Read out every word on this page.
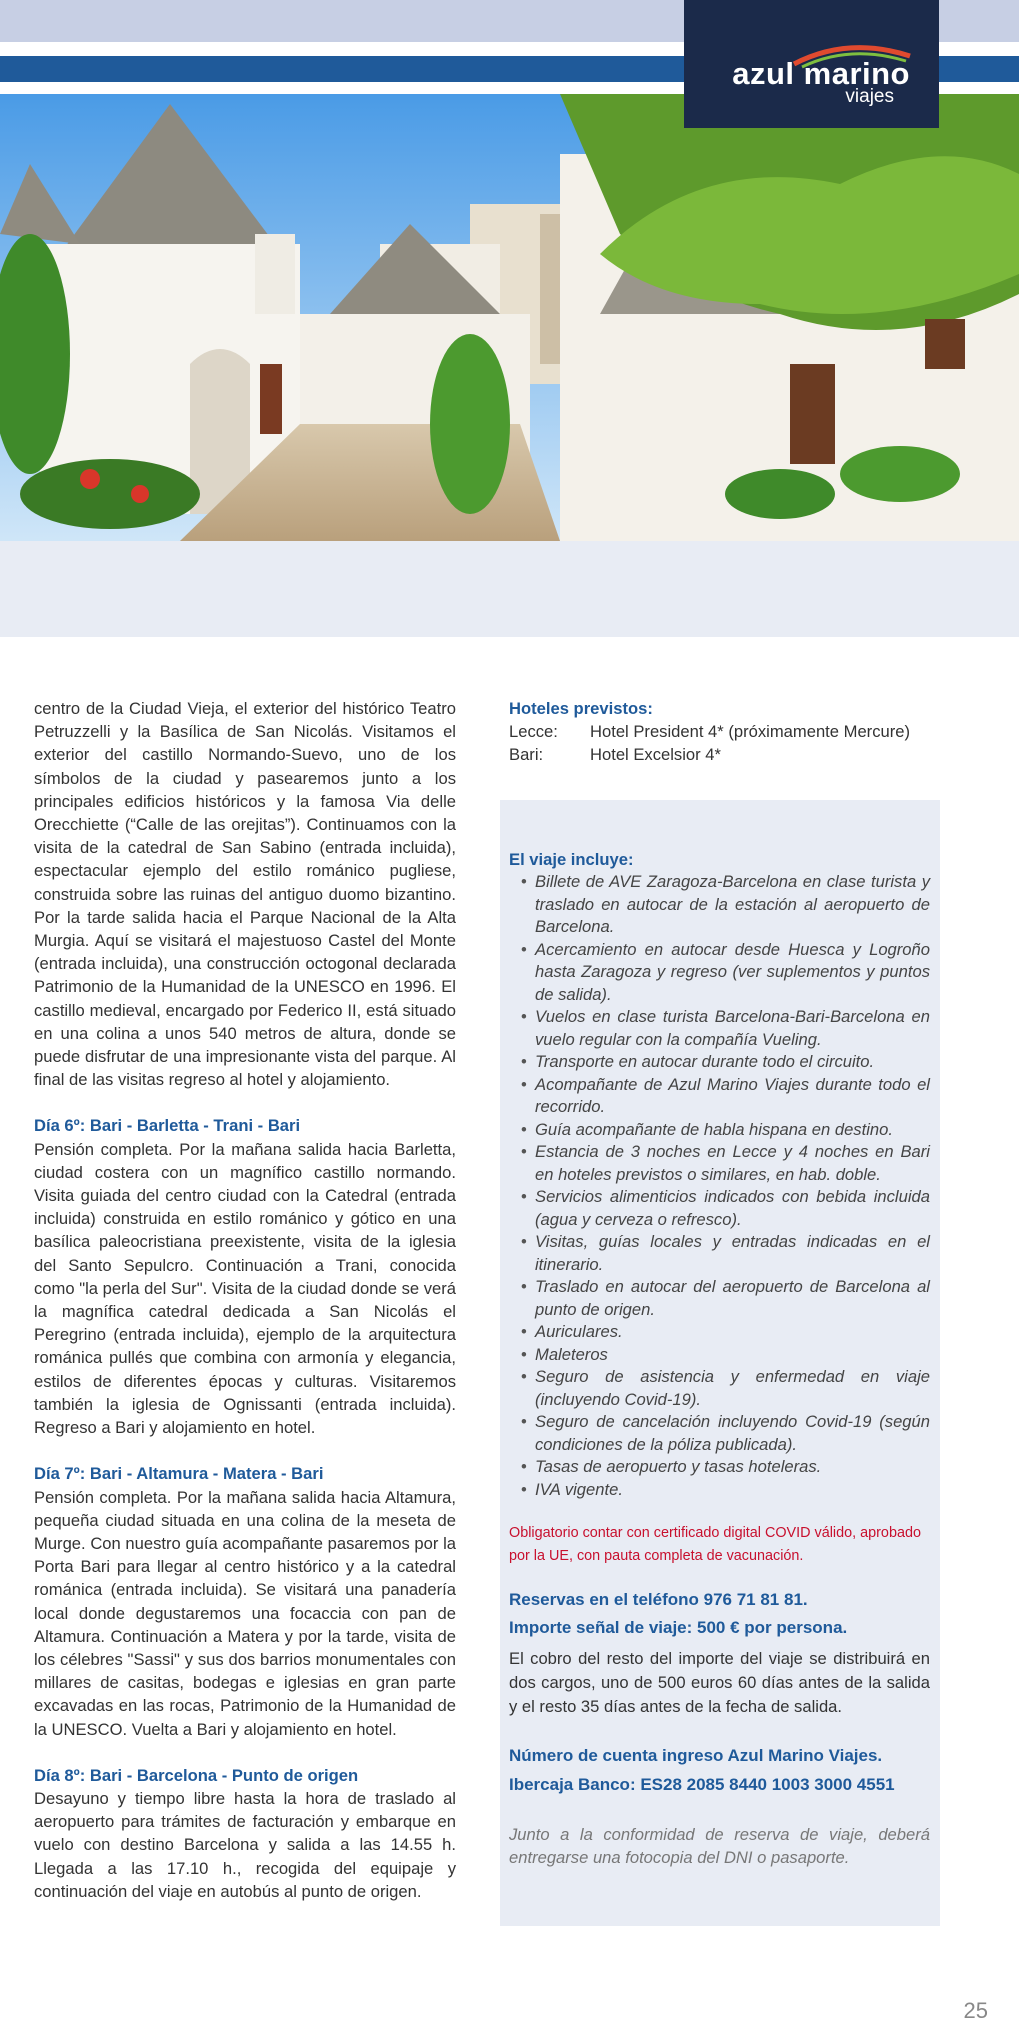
azul marino
viajes

centro de la Ciudad Vieja, el exterior del histórico Teatro Petruzzelli y la Basílica de San Nicolás. Visitamos el exterior del castillo Normando-Suevo, uno de los símbolos de la ciudad y pasearemos junto a los principales edificios históricos y la famosa Via delle Orecchiette (“Calle de las orejitas”). Continuamos con la visita de la catedral de San Sabino (entrada incluida), espectacular ejemplo del estilo románico pugliese, construida sobre las ruinas del antiguo duomo bizantino. Por la tarde salida hacia el Parque Nacional de la Alta Murgia. Aquí se visitará el majestuoso Castel del Monte (entrada incluida), una construcción octogonal declarada Patrimonio de la Humanidad de la UNESCO en 1996. El castillo medieval, encargado por Federico II, está situado en una colina a unos 540 metros de altura, donde se puede disfrutar de una impresionante vista del parque. Al final de las visitas regreso al hotel y alojamiento.

Día 6º: Bari - Barletta - Trani - Bari

Pensión completa. Por la mañana salida hacia Barletta, ciudad costera con un magnífico castillo normando. Visita guiada del centro ciudad con la Catedral (entrada incluida) construida en estilo románico y gótico en una basílica paleocristiana preexistente, visita de la iglesia del Santo Sepulcro. Continuación a Trani, conocida como "la perla del Sur". Visita de la ciudad donde se verá la magnífica catedral dedicada a San Nicolás el Peregrino (entrada incluida), ejemplo de la arquitectura románica pullés que combina con armonía y elegancia, estilos de diferentes épocas y culturas. Visitaremos también la iglesia de Ognissanti (entrada incluida). Regreso a Bari y alojamiento en hotel.

Día 7º: Bari - Altamura - Matera - Bari

Pensión completa. Por la mañana salida hacia Altamura, pequeña ciudad situada en una colina de la meseta de Murge. Con nuestro guía acompañante pasaremos por la Porta Bari para llegar al centro histórico y a la catedral románica (entrada incluida). Se visitará una panadería local donde degustaremos una focaccia con pan de Altamura. Continuación a Matera y por la tarde, visita de los célebres "Sassi" y sus dos barrios monumentales con millares de casitas, bodegas e iglesias en gran parte excavadas en las rocas, Patrimonio de la Humanidad de la UNESCO. Vuelta a Bari y alojamiento en hotel.

Día 8º: Bari - Barcelona - Punto de origen

Desayuno y tiempo libre hasta la hora de traslado al aeropuerto para trámites de facturación y embarque en vuelo con destino Barcelona y salida a las 14.55 h. Llegada a las 17.10 h., recogida del equipaje y continuación del viaje en autobús al punto de origen.

Hoteles previstos:
Lecce:	Hotel President 4* (próximamente Mercure)
Bari:	Hotel Excelsior 4*
El viaje incluye:
• Billete de AVE Zaragoza-Barcelona en clase turista y traslado en autocar de la estación al aeropuerto de Barcelona.
• Acercamiento en autocar desde Huesca y Logroño hasta Zaragoza y regreso (ver suplementos y puntos de salida).
• Vuelos en clase turista Barcelona-Bari-Barcelona en vuelo regular con la compañía Vueling.
• Transporte en autocar durante todo el circuito.
• Acompañante de Azul Marino Viajes durante todo el recorrido.
• Guía acompañante de habla hispana en destino.
• Estancia de 3 noches en Lecce y 4 noches en Bari en hoteles previstos o similares, en hab. doble.
• Servicios alimenticios indicados con bebida incluida (agua y cerveza o refresco).
• Visitas, guías locales y entradas indicadas en el itinerario.
• Traslado en autocar del aeropuerto de Barcelona al punto de origen.
• Auriculares.
• Maleteros
• Seguro de asistencia y enfermedad en viaje (incluyendo Covid-19).
• Seguro de cancelación incluyendo Covid-19 (según condiciones de la póliza publicada).
• Tasas de aeropuerto y tasas hoteleras.
• IVA vigente.
Obligatorio contar con certificado digital COVID válido, aprobado por la UE, con pauta completa de vacunación.
Reservas en el teléfono 976 71 81 81.
Importe señal de viaje: 500 € por persona.

El cobro del resto del importe del viaje se distribuirá en dos cargos, uno de 500 euros 60 días antes de la salida y el resto 35 días antes de la fecha de salida.

Número de cuenta ingreso Azul Marino Viajes.
Ibercaja Banco: ES28 2085 8440 1003 3000 4551

Junto a la conformidad de reserva de viaje, deberá entregarse una fotocopia del DNI o pasaporte.

25
